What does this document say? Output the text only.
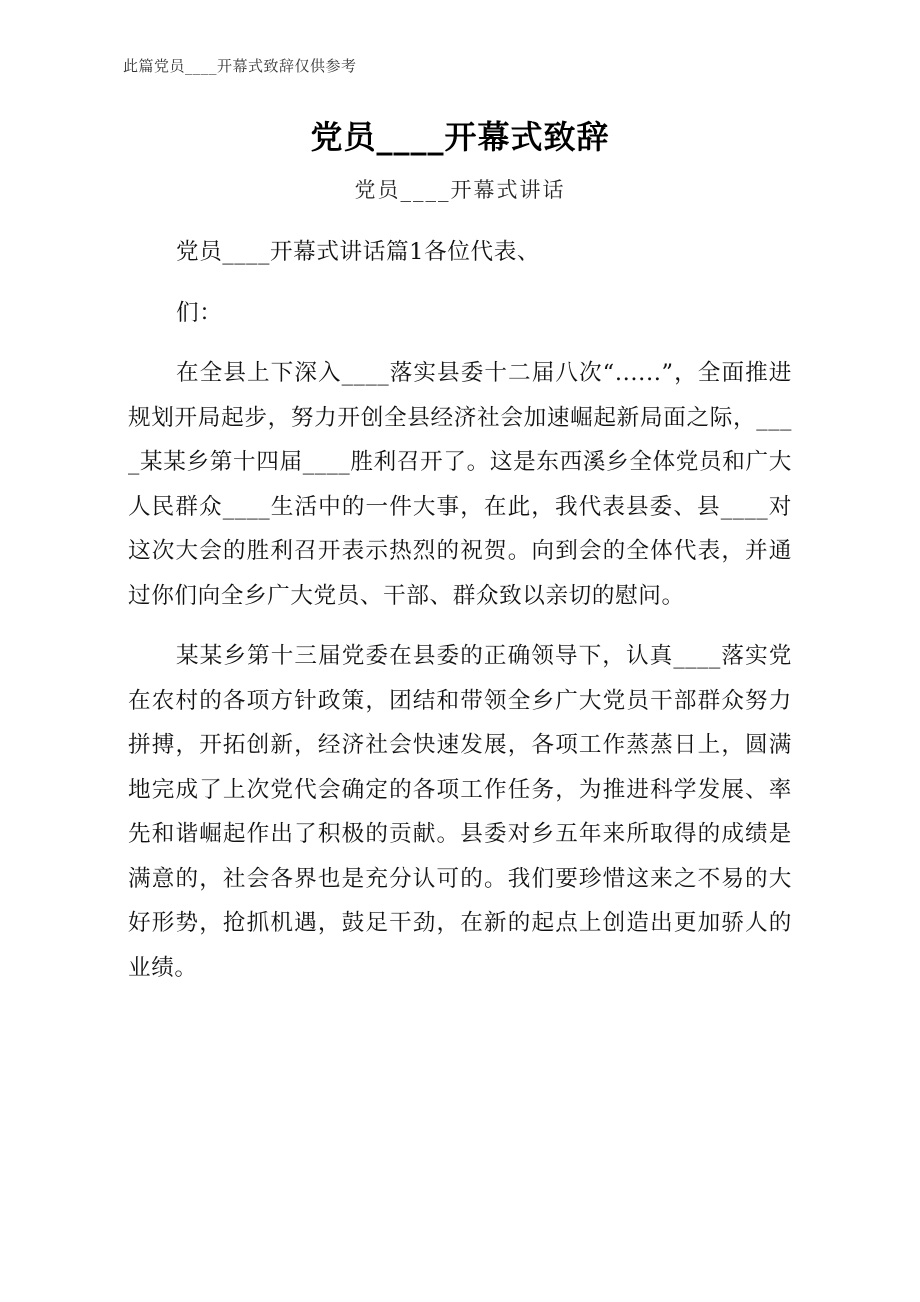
此篇党员____开幕式致辞仅供参考
党员____开幕式致辞
党员____开幕式讲话

党员____开幕式讲话篇1各位代表、

们：

在全县上下深入____落实县委十二届八次“......”，全面推进规划开局起步，努力开创全县经济社会加速崛起新局面之际，____某某乡第十四届____胜利召开了。这是东西溪乡全体党员和广大人民群众____生活中的一件大事，在此，我代表县委、县____对这次大会的胜利召开表示热烈的祝贺。向到会的全体代表，并通过你们向全乡广大党员、干部、群众致以亲切的慰问。

某某乡第十三届党委在县委的正确领导下，认真____落实党在农村的各项方针政策，团结和带领全乡广大党员干部群众努力拼搏，开拓创新，经济社会快速发展，各项工作蒸蒸日上，圆满地完成了上次党代会确定的各项工作任务，为推进科学发展、率先和谐崛起作出了积极的贡献。县委对乡五年来所取得的成绩是满意的，社会各界也是充分认可的。我们要珍惜这来之不易的大好形势，抢抓机遇，鼓足干劲，在新的起点上创造出更加骄人的业绩。
